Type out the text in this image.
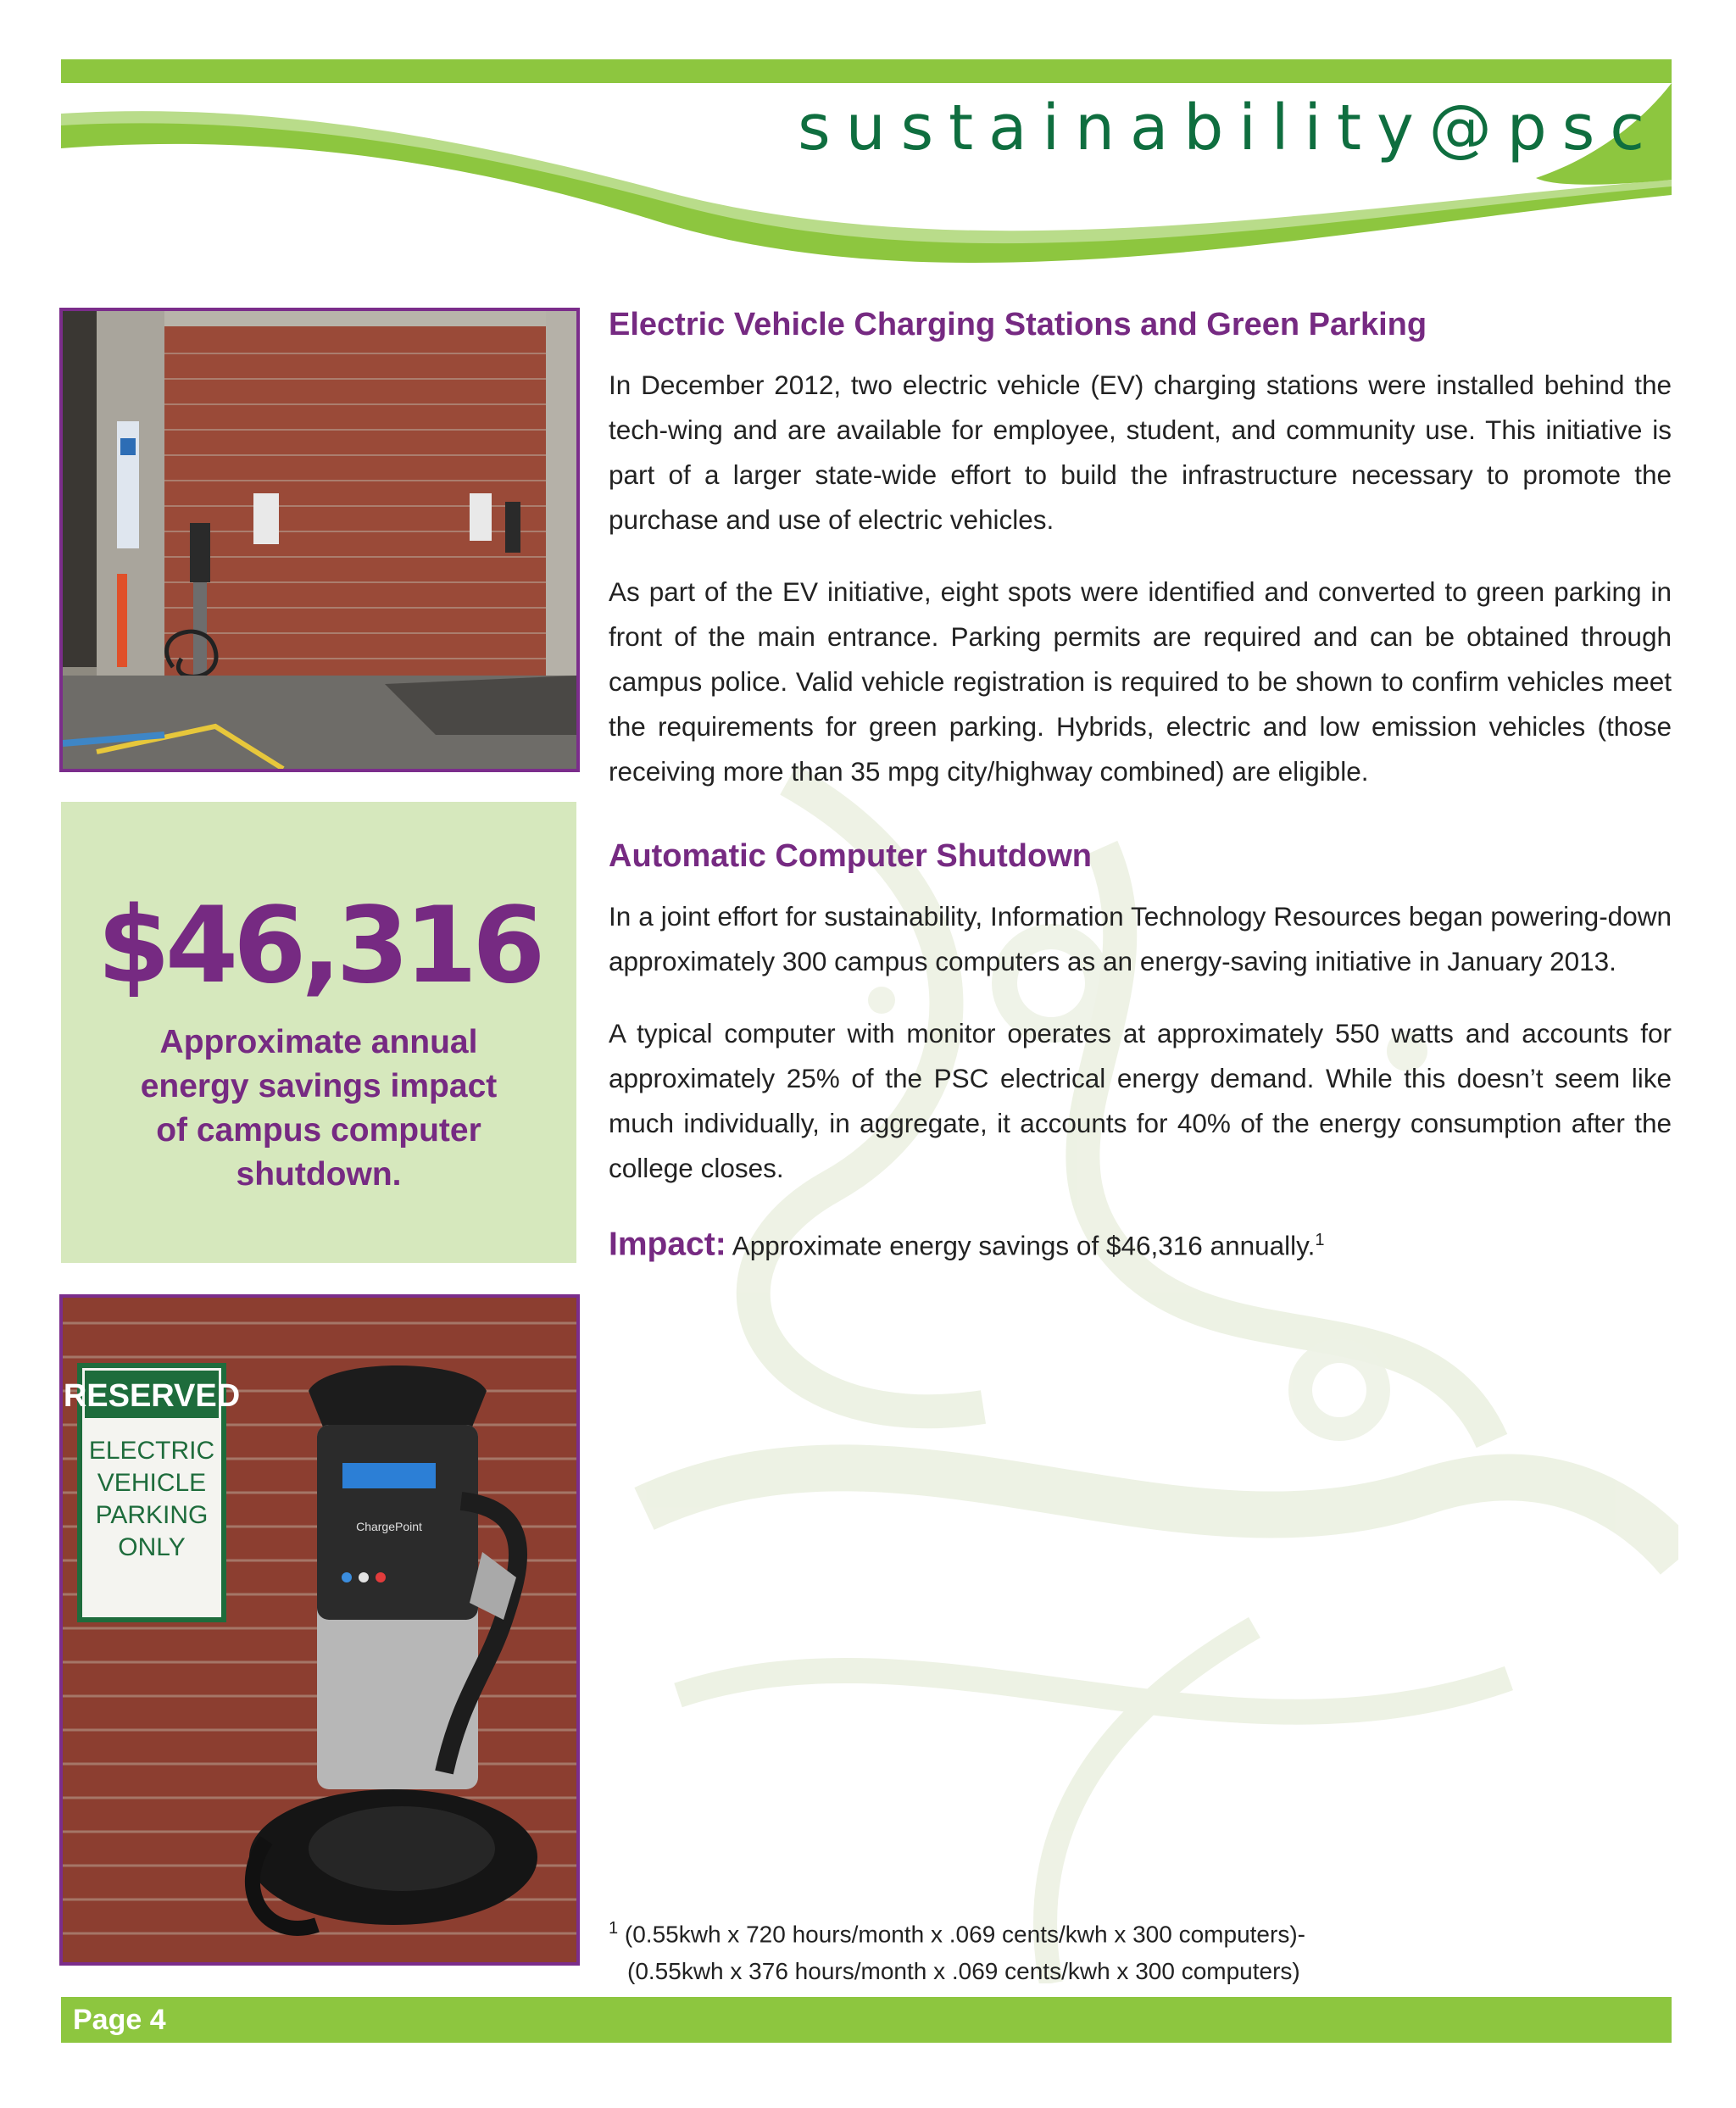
sustainability@psc
$46,316
Approximate annual energy savings impact of campus computer shutdown.
RESERVED
ELECTRIC
VEHICLE
PARKING
ONLY
ChargePoint
Electric Vehicle Charging Stations and Green Parking

In December 2012, two electric vehicle (EV) charging stations were installed behind the tech-wing and are available for employee, student, and community use. This initiative is part of a larger state-wide effort to build the infrastructure necessary to promote the purchase and use of electric vehicles.

As part of the EV initiative, eight spots were identified and converted to green parking in front of the main entrance. Parking permits are required and can be obtained through campus police. Valid vehicle registration is required to be shown to confirm vehicles meet the requirements for green parking. Hybrids, electric and low emission vehicles (those receiving more than 35 mpg city/highway combined) are eligible.

Automatic Computer Shutdown

In a joint effort for sustainability, Information Technology Resources began powering-down approximately 300 campus computers as an energy-saving initiative in January 2013.

A typical computer with monitor operates at approximately 550 watts and accounts for approximately 25% of the PSC electrical energy demand. While this doesn’t seem like much individually, in aggregate, it accounts for 40% of the energy consumption after the college closes.

Impact: Approximate energy savings of $46,316 annually.$^1$
$^1$ (0.55kwh x 720 hours/month x .069 cents/kwh x 300 computers)-
(0.55kwh x 376 hours/month x .069 cents/kwh x 300 computers)
Page 4
